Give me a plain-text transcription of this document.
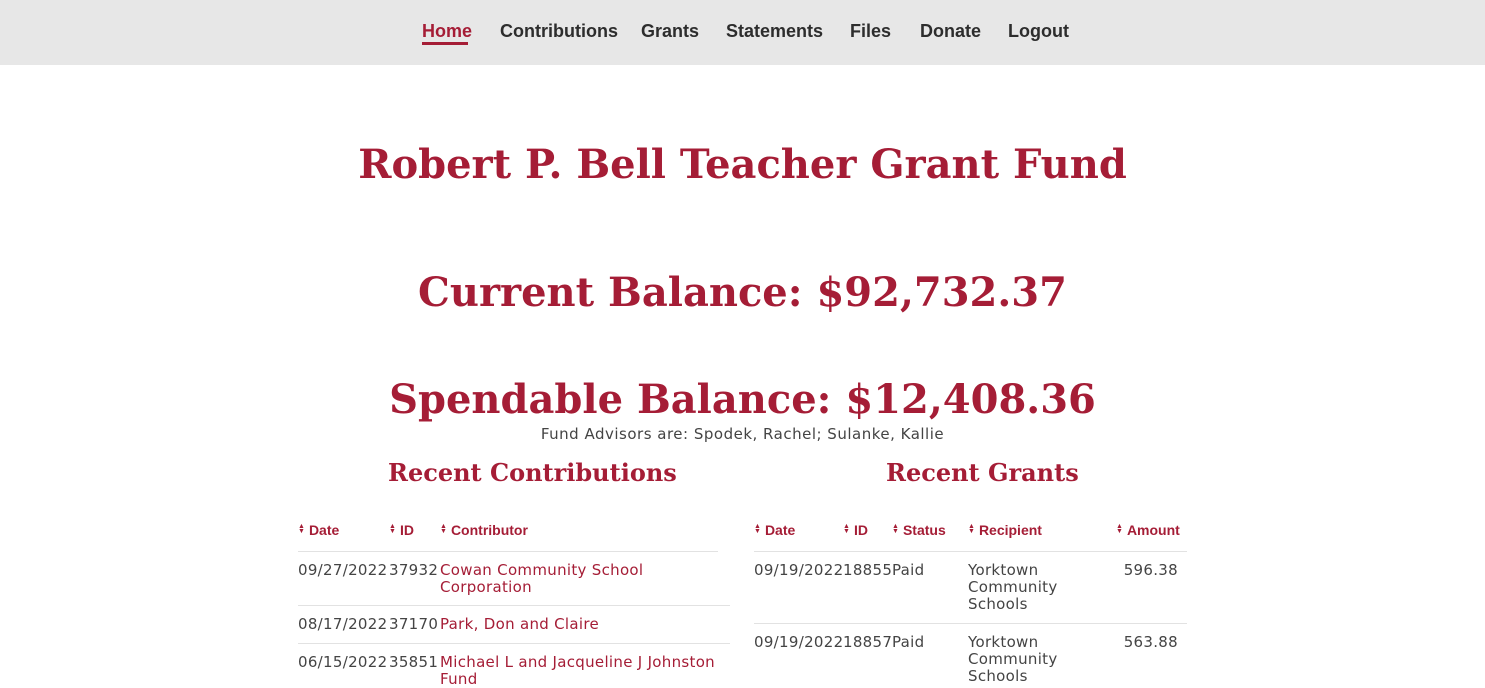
Home Contributions Grants Statements Files Donate Logout
Robert P. Bell Teacher Grant Fund
Current Balance: $92,732.37
Spendable Balance: $12,408.36
Fund Advisors are: Spodek, Rachel; Sulanke, Kallie
Recent Contributions
▲
▼ Date	▲
▼ ID	▲
▼ Contributor
09/27/2022 37932 Cowan Community School
Corporation
08/17/2022 37170 Park, Don and Claire
06/15/2022 35851 Michael L and Jacqueline J Johnston
Fund
Recent Grants
▲
▼ Date	▲
▼ ID	▲
▼ Status	▲
▼ Recipient	▲
▼ Amount
09/19/2022 18855 Paid	Yorktown
Community
Schools
596.38
09/19/2022 18857 Paid	Yorktown
Community
Schools
563.88
